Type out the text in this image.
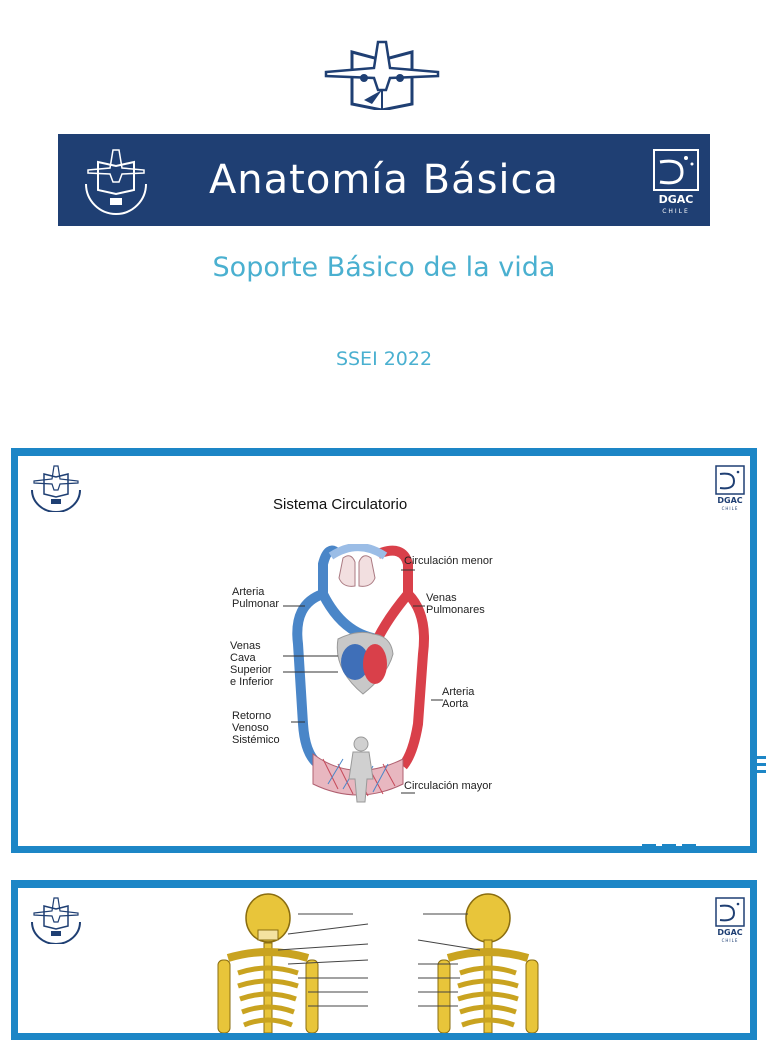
Anatomía Básica	DGAC
CHILE
Soporte Básico de la vida
SSEI 2022
DGAC
CHILE
Sistema Circulatorio
Circulación menor
Arteria
Pulmonar	Venas
Pulmonares
Venas
Cava
Superior
e Inferior
Arteria
Aorta
Retorno
Venoso
Sistémico
Circulación mayor
DGAC
CHILE
